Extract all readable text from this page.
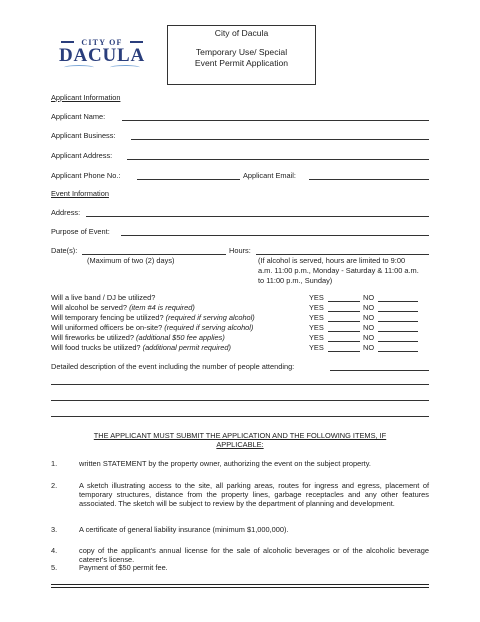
CITY OF
DACULA
City of Dacula
Temporary Use/ Special
Event Permit Application
Applicant Information
Applicant Name:
Applicant Business:
Applicant Address:
Applicant Phone No.:	Applicant Email:
Event Information
Address:
Purpose of Event:
Date(s):	Hours:
(Maximum of two (2) days)	(If alcohol is served, hours are limited to 9:00
a.m. 11:00 p.m., Monday - Saturday & 11:00 a.m.
to 11:00 p.m., Sunday)
Will a live band / DJ be utilized?	YES	NO
Will alcohol be served? (item #4 is required)	YES	NO
Will temporary fencing be utilized? (required if serving alcohol)	YES	NO
Will uniformed officers be on-site? (required if serving alcohol)	YES	NO
Will fireworks be utilized? (additional $50 fee applies)	YES	NO
Will food trucks be utilized? (additional permit required)	YES	NO
Detailed description of the event including the number of people attending:
THE APPLICANT MUST SUBMIT THE APPLICATION AND THE FOLLOWING ITEMS, IF
APPLICABLE:
1.	written STATEMENT by the property owner, authorizing the event on the subject property.
2.	A sketch illustrating access to the site, all parking areas, routes for ingress and egress, placement of temporary structures, distance from the property lines, garbage receptacles and any other features associated. The sketch will be subject to review by the department of planning and development.
3.	A certificate of general liability insurance (minimum $1,000,000).
4.	copy of the applicant's annual license for the sale of alcoholic beverages or of the alcoholic beverage caterer's license.
5.	Payment of $50 permit fee.
